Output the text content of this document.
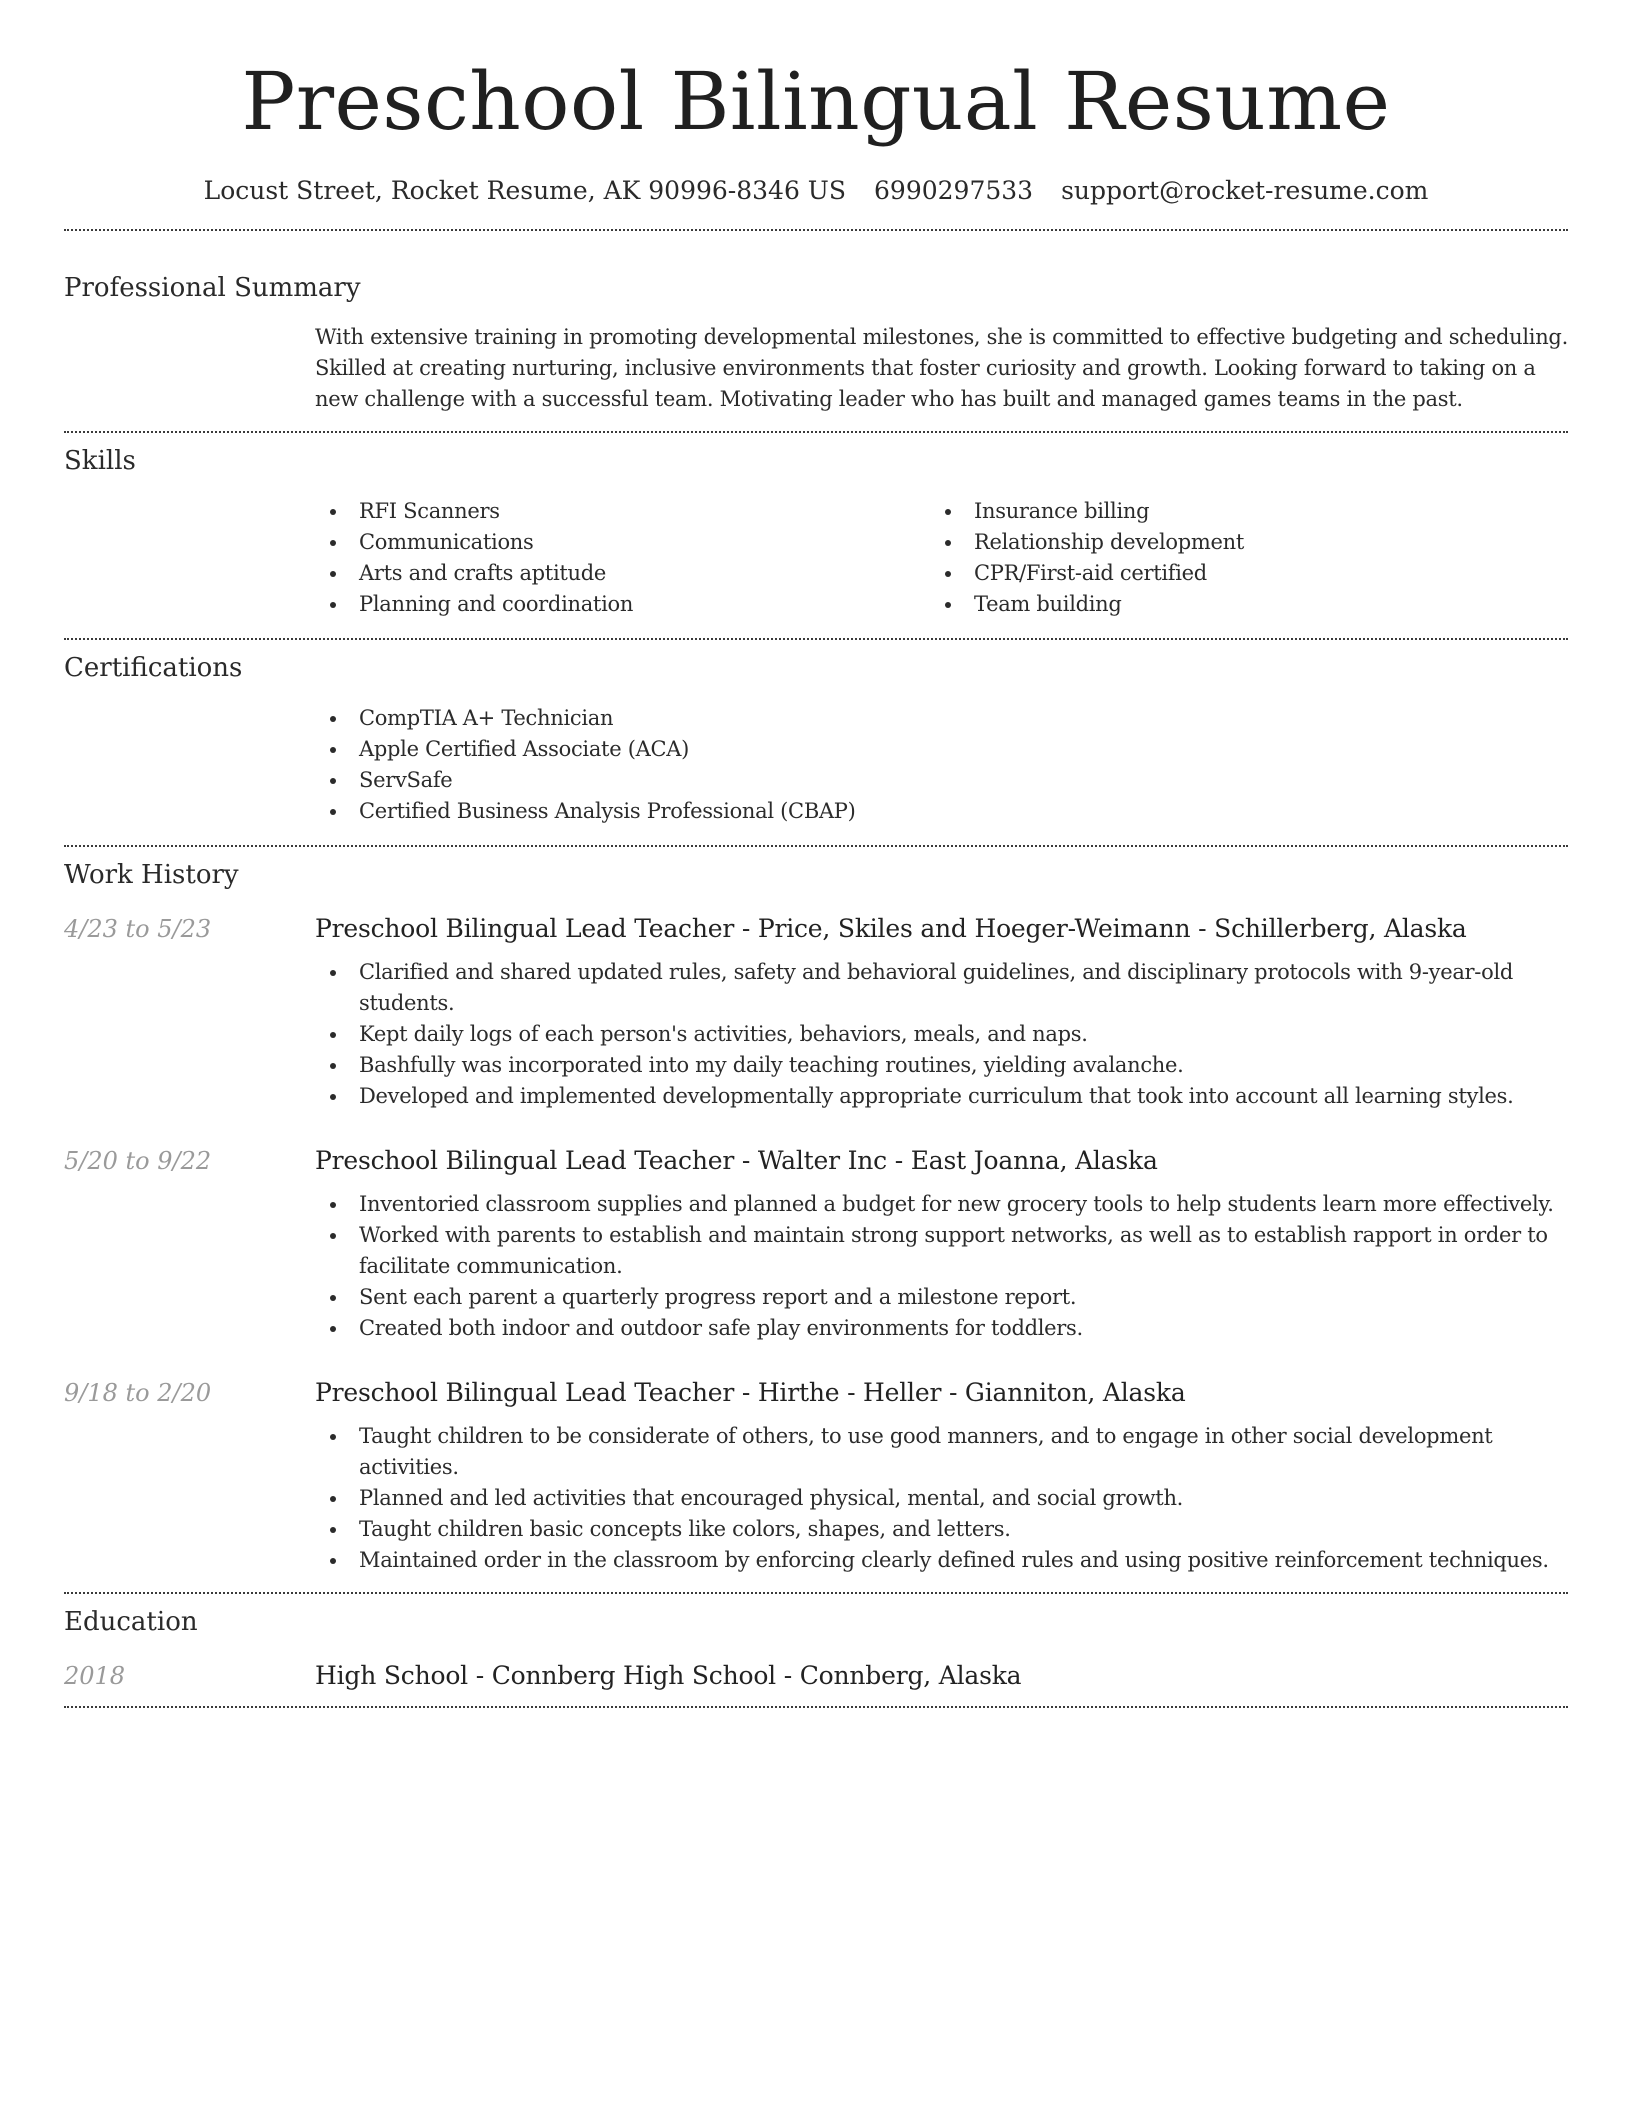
Preschool Bilingual Resume
Locust Street, Rocket Resume, AK 90996-8346 US 6990297533 support@rocket-resume.com
Professional Summary

With extensive training in promoting developmental milestones, she is committed to effective budgeting and scheduling. Skilled at creating nurturing, inclusive environments that foster curiosity and growth. Looking forward to taking on a new challenge with a successful team. Motivating leader who has built and managed games teams in the past.

Skills
RFI Scanners
Communications
Arts and crafts aptitude
Planning and coordination
Insurance billing
Relationship development
CPR/First-aid certified
Team building
Certifications
CompTIA A+ Technician
Apple Certified Associate (ACA)
ServSafe
Certified Business Analysis Professional (CBAP)
Work History
4/23 to 5/23	Preschool Bilingual Lead Teacher - Price, Skiles and Hoeger-Weimann - Schillerberg, Alaska
Clarified and shared updated rules, safety and behavioral guidelines, and disciplinary protocols with 9-year-old students.
Kept daily logs of each person's activities, behaviors, meals, and naps.
Bashfully was incorporated into my daily teaching routines, yielding avalanche.
Developed and implemented developmentally appropriate curriculum that took into account all learning styles.
5/20 to 9/22	Preschool Bilingual Lead Teacher - Walter Inc - East Joanna, Alaska
Inventoried classroom supplies and planned a budget for new grocery tools to help students learn more effectively.
Worked with parents to establish and maintain strong support networks, as well as to establish rapport in order to facilitate communication.
Sent each parent a quarterly progress report and a milestone report.
Created both indoor and outdoor safe play environments for toddlers.
9/18 to 2/20	Preschool Bilingual Lead Teacher - Hirthe - Heller - Gianniton, Alaska
Taught children to be considerate of others, to use good manners, and to engage in other social development activities.
Planned and led activities that encouraged physical, mental, and social growth.
Taught children basic concepts like colors, shapes, and letters.
Maintained order in the classroom by enforcing clearly defined rules and using positive reinforcement techniques.
Education
2018	High School - Connberg High School - Connberg, Alaska
